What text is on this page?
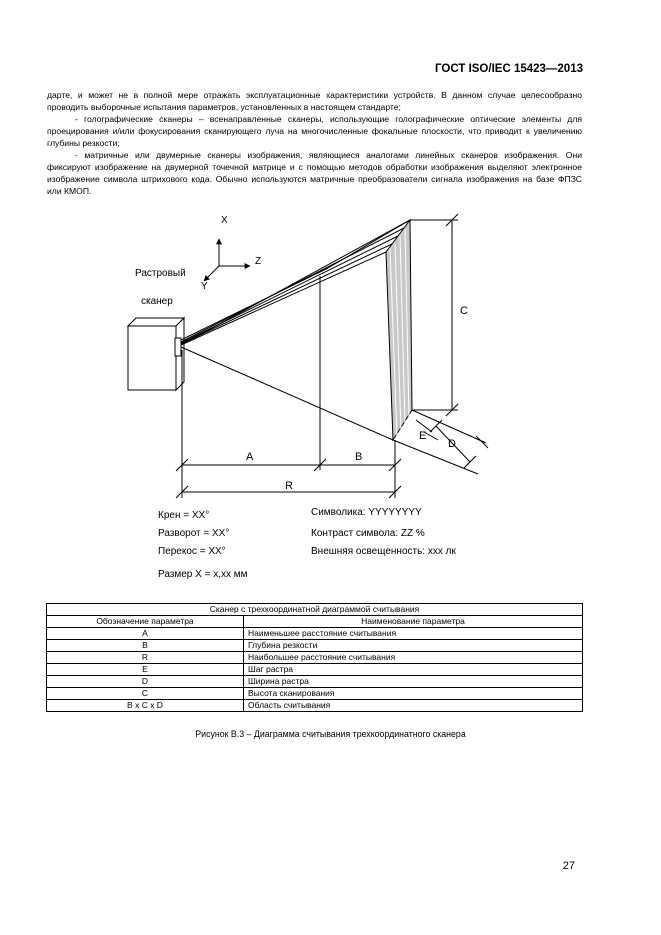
ГОСТ ISO/IEC 15423—2013

дарте, и может не в полной мере отражать эксплуатационные характеристики устройств. В данном случае целесообразно проводить выборочные испытания параметров, установленных в настоящем стандарте;

- голографические сканеры – всенаправленные сканеры, использующие голографические оптические элементы для проецирования и/или фокусирования сканирующего луча на многочисленные фокальные плоскости, что приводит к увеличению глубины резкости;

- матричные или двумерные сканеры изображения, являющиеся аналогами линейных сканеров изображения. Они фиксируют изображение на двумерной точечной матрице и с помощью методов обработки изображения выделяют электронное изображение символа штрихового кода. Обычно используются матричные преобразователи сигнала изображения на базе ФПЗС или КМОП.

X
Z
Y
Растровый
сканер
A	B
R
C
D
E
Крен = XX°
Разворот = XX°
Перекос = XX°
Размер X = x,xx мм
Символика: YYYYYYYY
Контраст символа: ZZ %
Внешняя освещенность: xxx лк
Сканер с трехкоординатной диаграммой считывания	
Обозначение параметра	Наименование параметра
A	Наименьшее расстояние считывания
B	Глубина резкости
R	Наибольшее расстояние считывания
E	Шаг растра
D	Ширина растра
C	Высота сканирования
B x C x D	Область считывания
Рисунок В.3 – Диаграмма считывания трехкоординатного сканера
27
